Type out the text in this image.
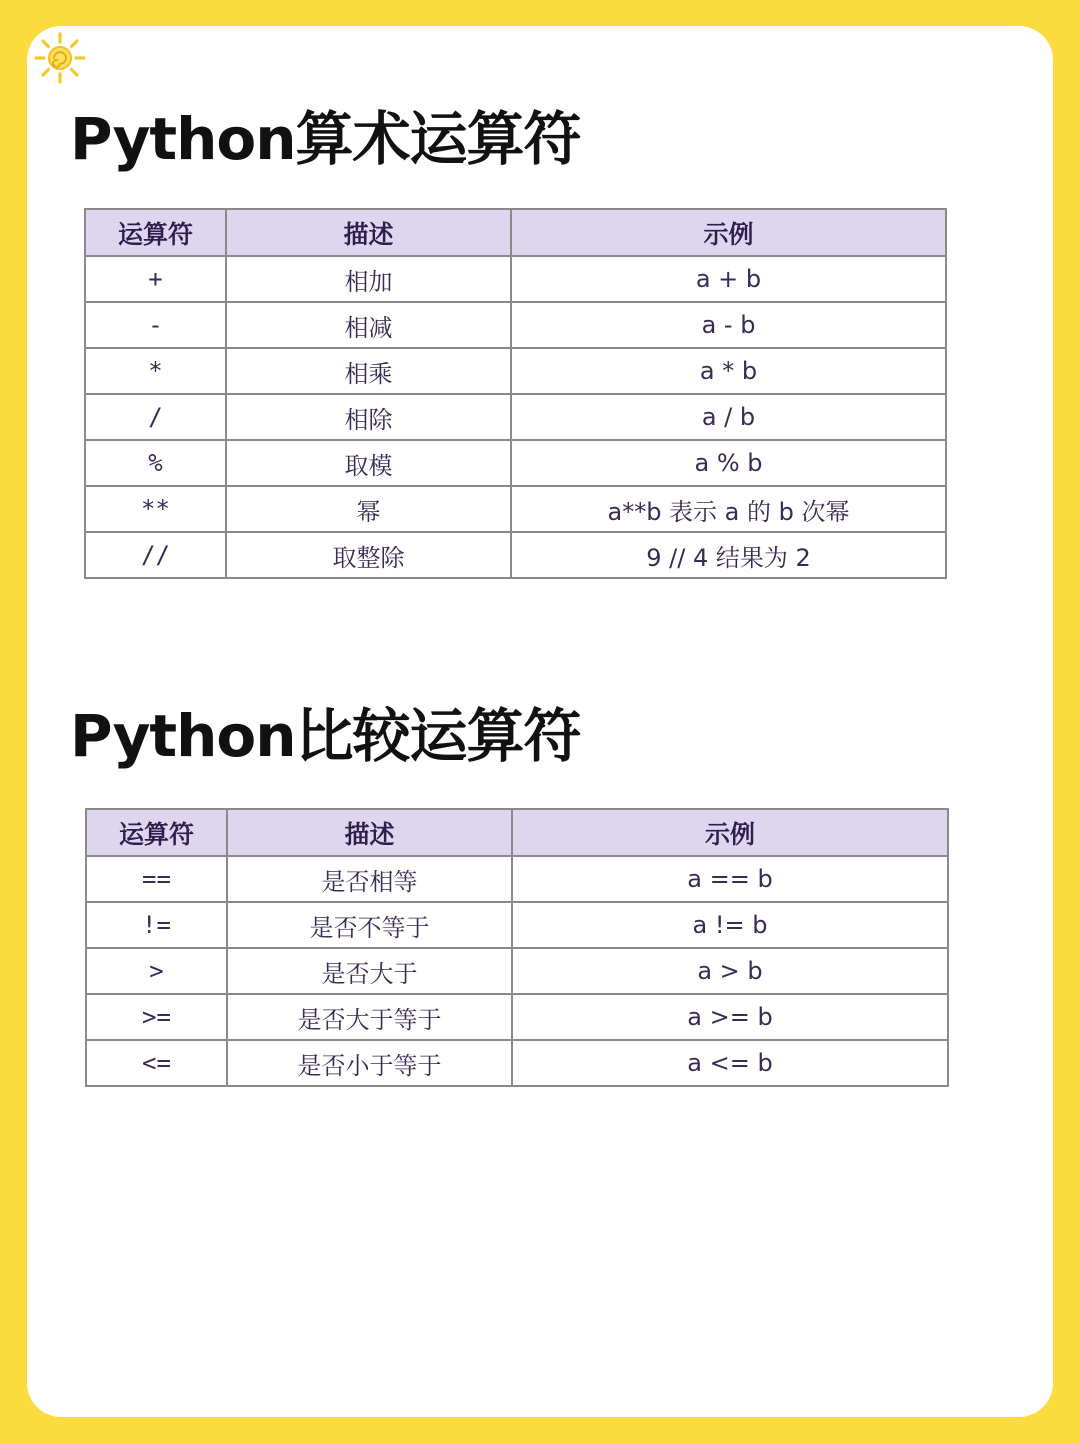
Python算术运算符
运算符	描述	示例
+	相加	a + b
-	相减	a - b
*	相乘	a * b
/	相除	a / b
%	取模	a % b
**	幂	a**b 表示 a 的 b 次幂
//	取整除	9 // 4 结果为 2
Python比较运算符
运算符	描述	示例
==	是否相等	a == b
!=	是否不等于	a != b
>	是否大于	a > b
>=	是否大于等于	a >= b
<=	是否小于等于	a <= b
